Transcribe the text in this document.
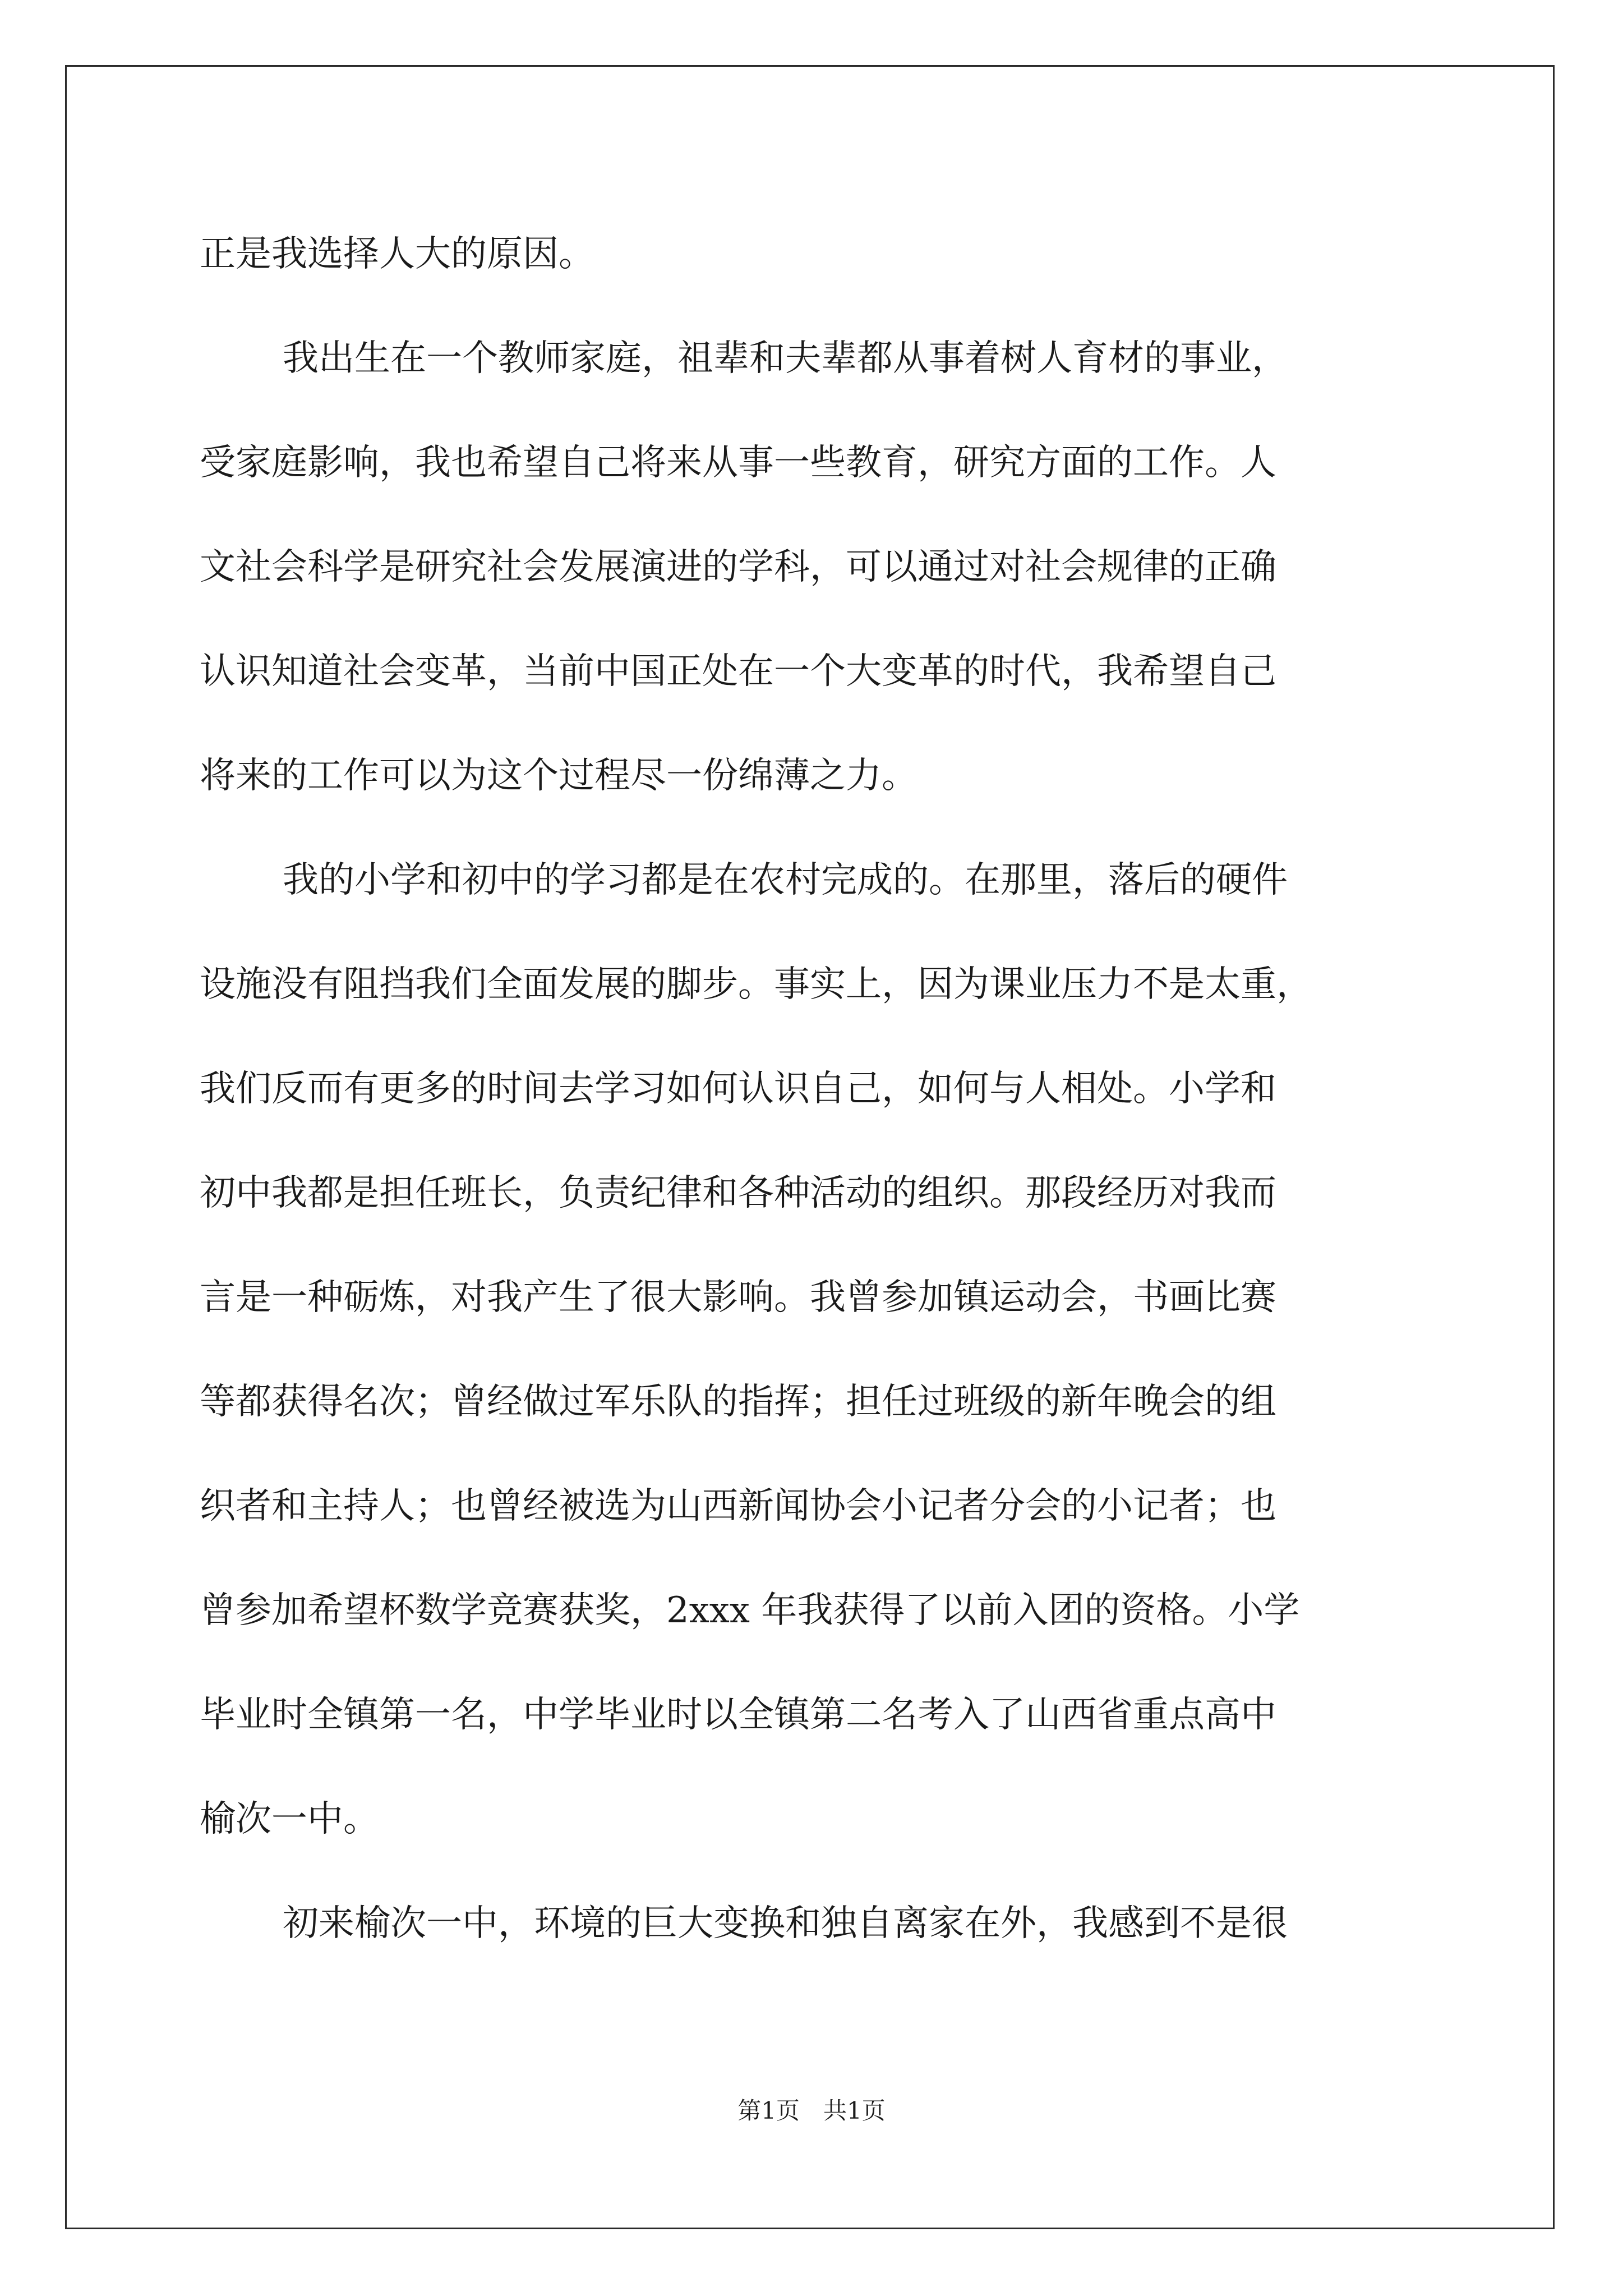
正是我选择人大的原因。
我出生在一个教师家庭，祖辈和夫辈都从事着树人育材的事业，
受家庭影响，我也希望自己将来从事一些教育，研究方面的工作。人
文社会科学是研究社会发展演进的学科，可以通过对社会规律的正确
认识知道社会变革，当前中国正处在一个大变革的时代，我希望自己
将来的工作可以为这个过程尽一份绵薄之力。
我的小学和初中的学习都是在农村完成的。在那里，落后的硬件
设施没有阻挡我们全面发展的脚步。事实上，因为课业压力不是太重，
我们反而有更多的时间去学习如何认识自己，如何与人相处。小学和
初中我都是担任班长，负责纪律和各种活动的组织。那段经历对我而
言是一种砺炼，对我产生了很大影响。我曾参加镇运动会，书画比赛
等都获得名次；曾经做过军乐队的指挥；担任过班级的新年晚会的组
织者和主持人；也曾经被选为山西新闻协会小记者分会的小记者；也
曾参加希望杯数学竞赛获奖，2xxx 年我获得了以前入团的资格。小学
毕业时全镇第一名，中学毕业时以全镇第二名考入了山西省重点高中
榆次一中。
初来榆次一中，环境的巨大变换和独自离家在外，我感到不是很
第1页　共1页
